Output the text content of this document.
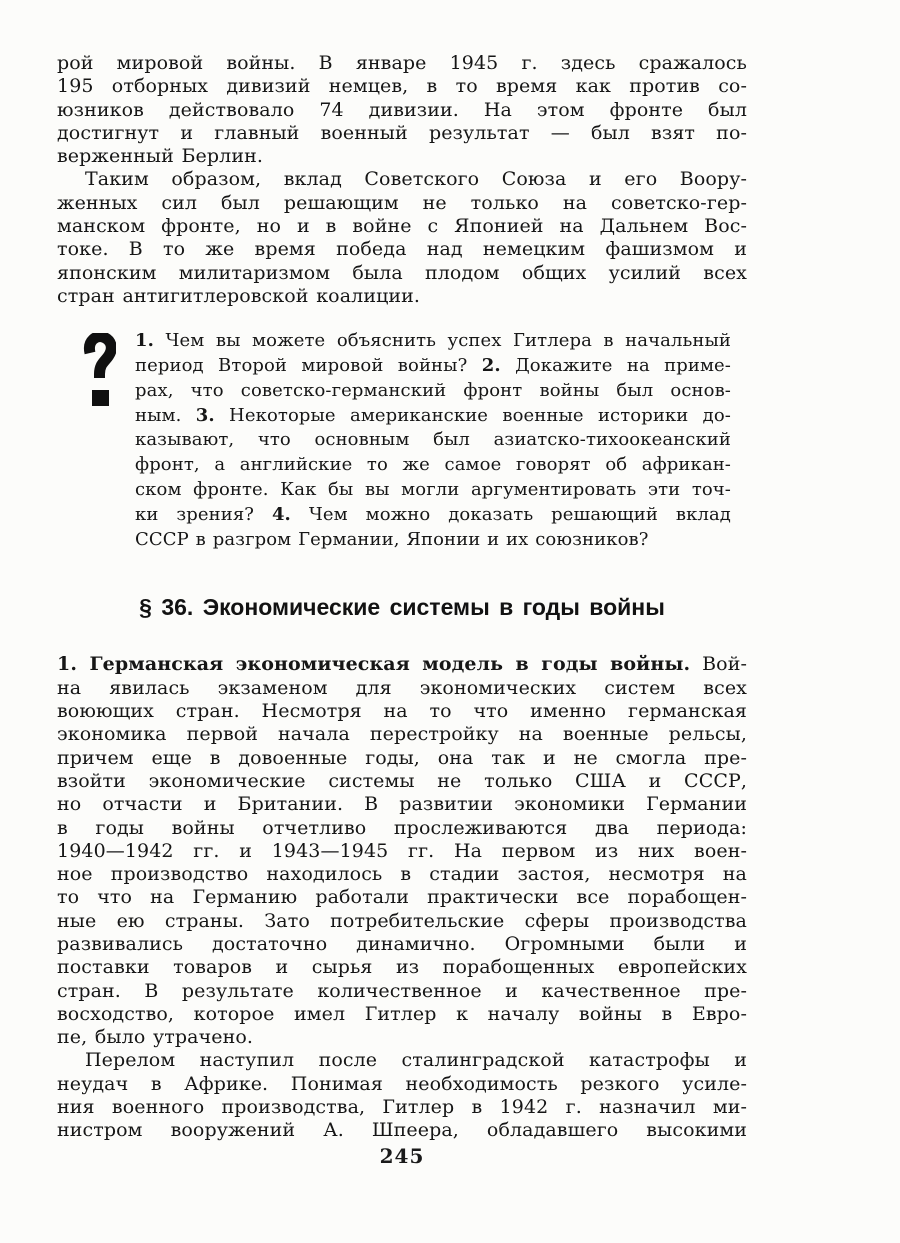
рой мировой войны. В январе 1945 г. здесь сражалось
195 отборных дивизий немцев, в то время как против со-
юзников действовало 74 дивизии. На этом фронте был
достигнут и главный военный результат — был взят по-
верженный Берлин.
Таким образом, вклад Советского Союза и его Воору-
женных сил был решающим не только на советско-гер-
манском фронте, но и в войне с Японией на Дальнем Вос-
токе. В то же время победа над немецким фашизмом и
японским милитаризмом была плодом общих усилий всех
стран антигитлеровской коалиции.
1. Чем вы можете объяснить успех Гитлера в начальный
период Второй мировой войны? 2. Докажите на приме-
рах, что советско-германский фронт войны был основ-
ным. 3. Некоторые американские военные историки до-
казывают, что основным был азиатско-тихоокеанский
фронт, а английские то же самое говорят об африкан-
ском фронте. Как бы вы могли аргументировать эти точ-
ки зрения? 4. Чем можно доказать решающий вклад
СССР в разгром Германии, Японии и их союзников?
§ 36. Экономические системы в годы войны
1. Германская экономическая модель в годы войны. Вой-
на явилась экзаменом для экономических систем всех
воюющих стран. Несмотря на то что именно германская
экономика первой начала перестройку на военные рельсы,
причем еще в довоенные годы, она так и не смогла пре-
взойти экономические системы не только США и СССР,
но отчасти и Британии. В развитии экономики Германии
в годы войны отчетливо прослеживаются два периода:
1940—1942 гг. и 1943—1945 гг. На первом из них воен-
ное производство находилось в стадии застоя, несмотря на
то что на Германию работали практически все порабощен-
ные ею страны. Зато потребительские сферы производства
развивались достаточно динамично. Огромными были и
поставки товаров и сырья из порабощенных европейских
стран. В результате количественное и качественное пре-
восходство, которое имел Гитлер к началу войны в Евро-
пе, было утрачено.
Перелом наступил после сталинградской катастрофы и
неудач в Африке. Понимая необходимость резкого усиле-
ния военного производства, Гитлер в 1942 г. назначил ми-
нистром вооружений А. Шпеера, обладавшего высокими
245
